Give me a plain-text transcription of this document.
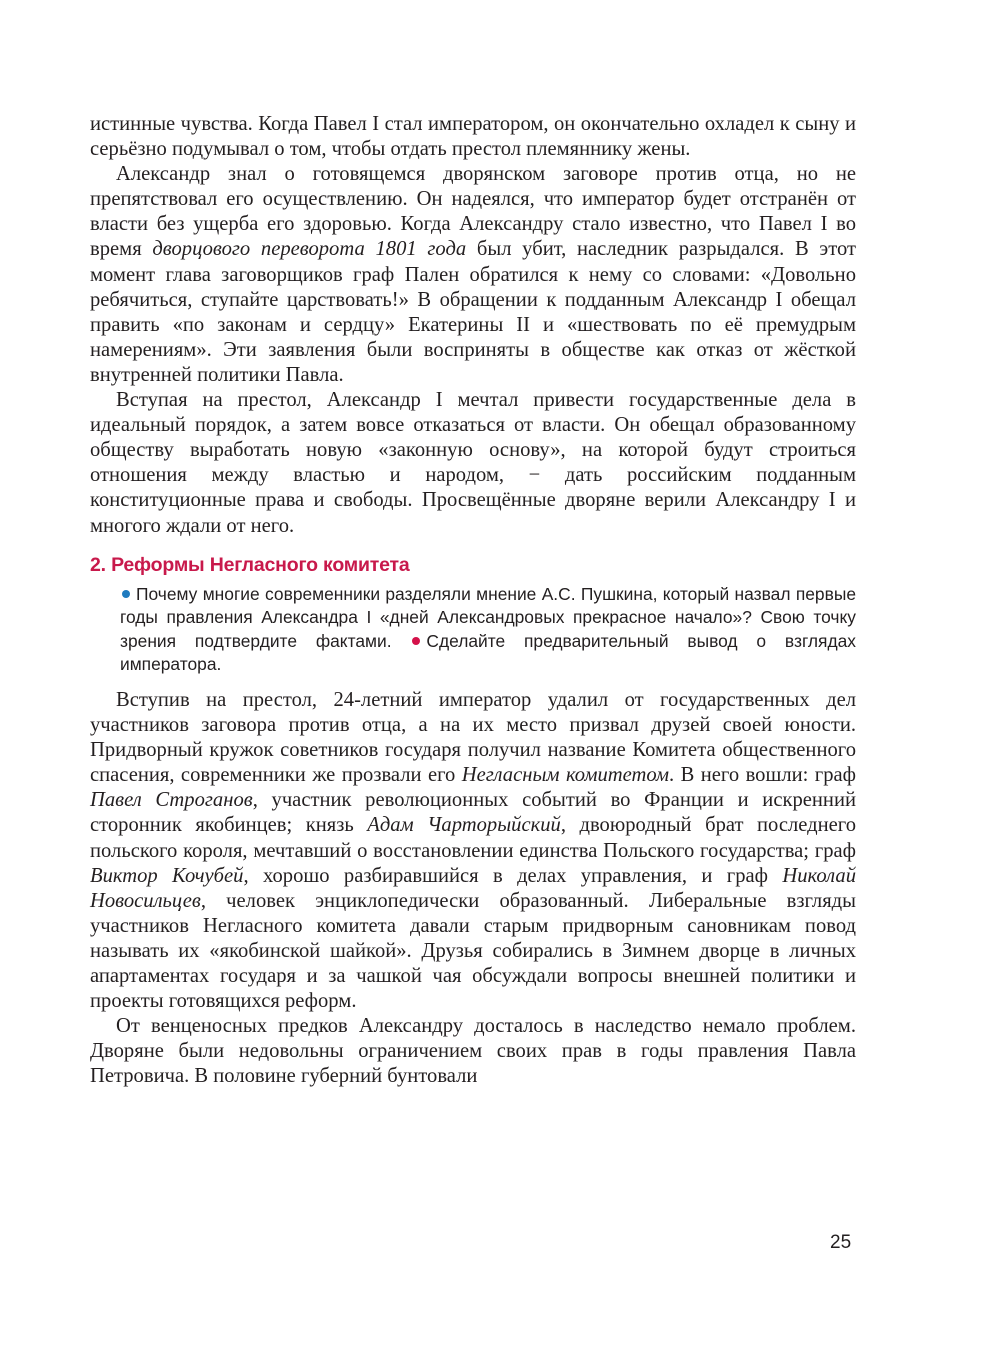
истинные чувства. Когда Павел I стал императором, он окончательно охладел к сыну и серьёзно подумывал о том, чтобы отдать престол племяннику жены.

Александр знал о готовящемся дворянском заговоре против отца, но не препятствовал его осуществлению. Он надеялся, что император будет отстранён от власти без ущерба его здоровью. Когда Александру стало известно, что Павел I во время дворцового переворота 1801 года был убит, наследник разрыдался. В этот момент глава заговорщиков граф Пален обратился к нему со словами: «Довольно ребячиться, ступайте царствовать!» В обращении к подданным Александр I обещал править «по законам и сердцу» Екатерины II и «шествовать по её премудрым намерениям». Эти заявления были восприняты в обществе как отказ от жёсткой внутренней политики Павла.

Вступая на престол, Александр I мечтал привести государственные дела в идеальный порядок, а затем вовсе отказаться от власти. Он обещал образованному обществу выработать новую «законную основу», на которой будут строиться отношения между властью и народом, − дать российским подданным конституционные права и свободы. Просвещённые дворяне верили Александру I и многого ждали от него.

2. Реформы Негласного комитета
Почему многие современники разделяли мнение А.С. Пушкина, который назвал первые годы правления Александра I «дней Александровых прекрасное начало»? Свою точку зрения подтвердите фактами. Сделайте предварительный вывод о взглядах императора.

Вступив на престол, 24-летний император удалил от государственных дел участников заговора против отца, а на их место призвал друзей своей юности. Придворный кружок советников государя получил название Комитета общественного спасения, современники же прозвали его Негласным комитетом. В него вошли: граф Павел Строганов, участник революционных событий во Франции и искренний сторонник якобинцев; князь Адам Чарторыйский, двоюродный брат последнего польского короля, мечтавший о восстановлении единства Польского государства; граф Виктор Кочубей, хорошо разбиравшийся в делах управления, и граф Николай Новосильцев, человек энциклопедически образованный. Либеральные взгляды участников Негласного комитета давали старым придворным сановникам повод называть их «якобинской шайкой». Друзья собирались в Зимнем дворце в личных апартаментах государя и за чашкой чая обсуждали вопросы внешней политики и проекты готовящихся реформ.

От венценосных предков Александру досталось в наследство немало проблем. Дворяне были недовольны ограничением своих прав в годы правления Павла Петровича. В половине губерний бунтовали

25
